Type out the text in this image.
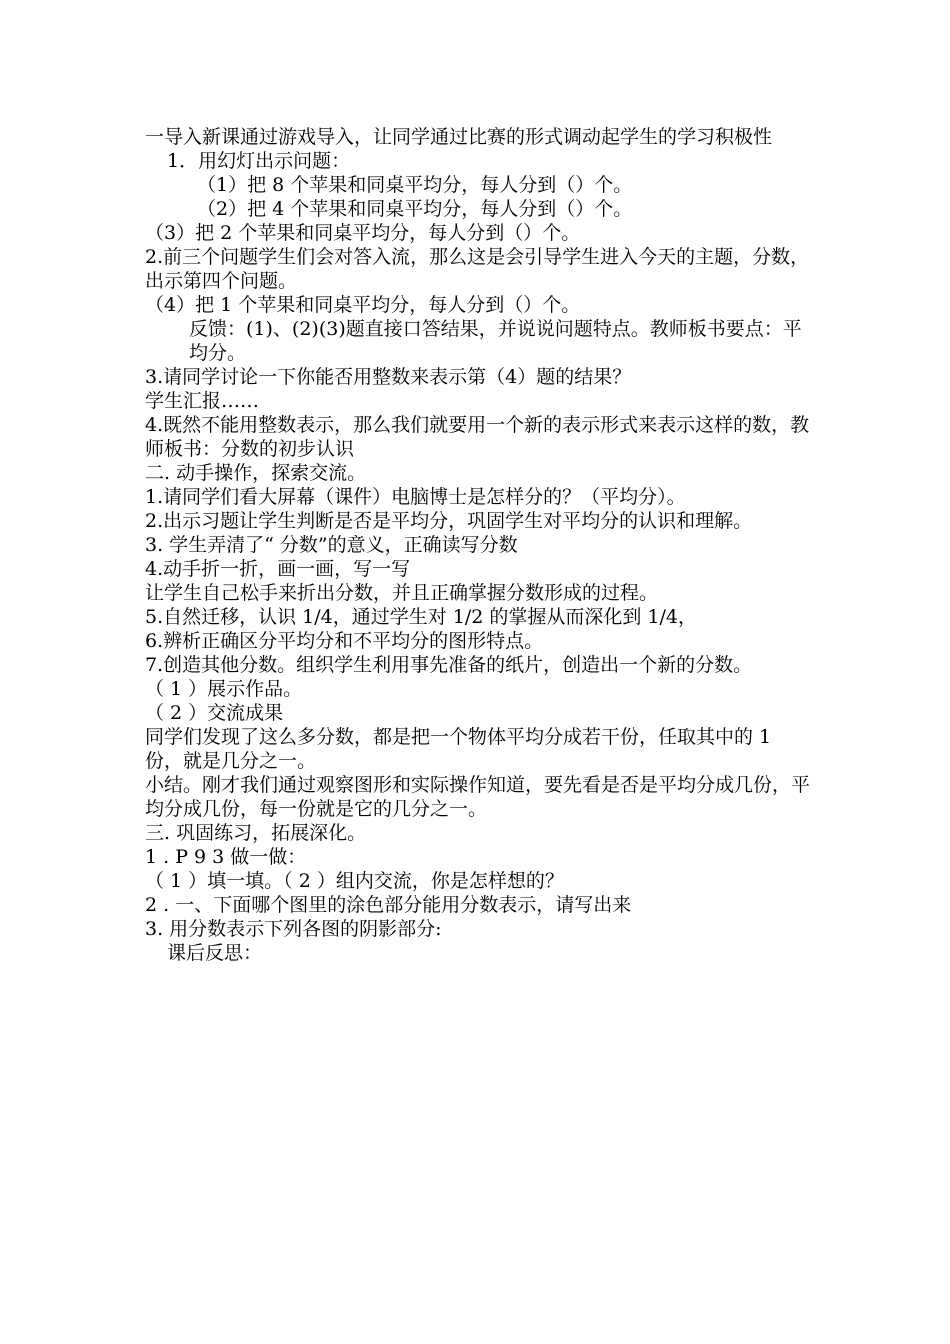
一导入新课通过游戏导入，让同学通过比赛的形式调动起学生的学习积极性

1．用幻灯出示问题：

（1）把 8 个苹果和同桌平均分，每人分到（）个。

（2）把 4 个苹果和同桌平均分，每人分到（）个。

（3）把 2 个苹果和同桌平均分，每人分到（）个。

2.前三个问题学生们会对答入流，那么这是会引导学生进入今天的主题，分数，出示第四个问题。

（4）把 1 个苹果和同桌平均分，每人分到（）个。

反馈：(1)、(2)(3)题直接口答结果，并说说问题特点。教师板书要点：平均分。

3.请同学讨论一下你能否用整数来表示第（4）题的结果？

学生汇报……

4.既然不能用整数表示，那么我们就要用一个新的表示形式来表示这样的数，教师板书：分数的初步认识

二. 动手操作，探索交流。

1.请同学们看大屏幕（课件）电脑博士是怎样分的？（平均分）。

2.出示习题让学生判断是否是平均分，巩固学生对平均分的认识和理解。

3. 学生弄清了“ 分数”的意义，正确读写分数

4.动手折一折，画一画，写一写

让学生自己松手来折出分数，并且正确掌握分数形成的过程。

5.自然迁移，认识 1/4，通过学生对 1/2 的掌握从而深化到 1/4，

6.辨析正确区分平均分和不平均分的图形特点。

7.创造其他分数。组织学生利用事先准备的纸片，创造出一个新的分数。

（ 1 ）展示作品。

（ 2 ）交流成果

同学们发现了这么多分数，都是把一个物体平均分成若干份，任取其中的 1 份，就是几分之一。

小结。刚才我们通过观察图形和实际操作知道，要先看是否是平均分成几份，平均分成几份，每一份就是它的几分之一。

三. 巩固练习，拓展深化。

1 . P 9 3 做一做：

（ 1 ）填一填。（ 2 ）组内交流，你是怎样想的？

2 . 一、下面哪个图里的涂色部分能用分数表示，请写出来

3. 用分数表示下列各图的阴影部分:

课后反思：
